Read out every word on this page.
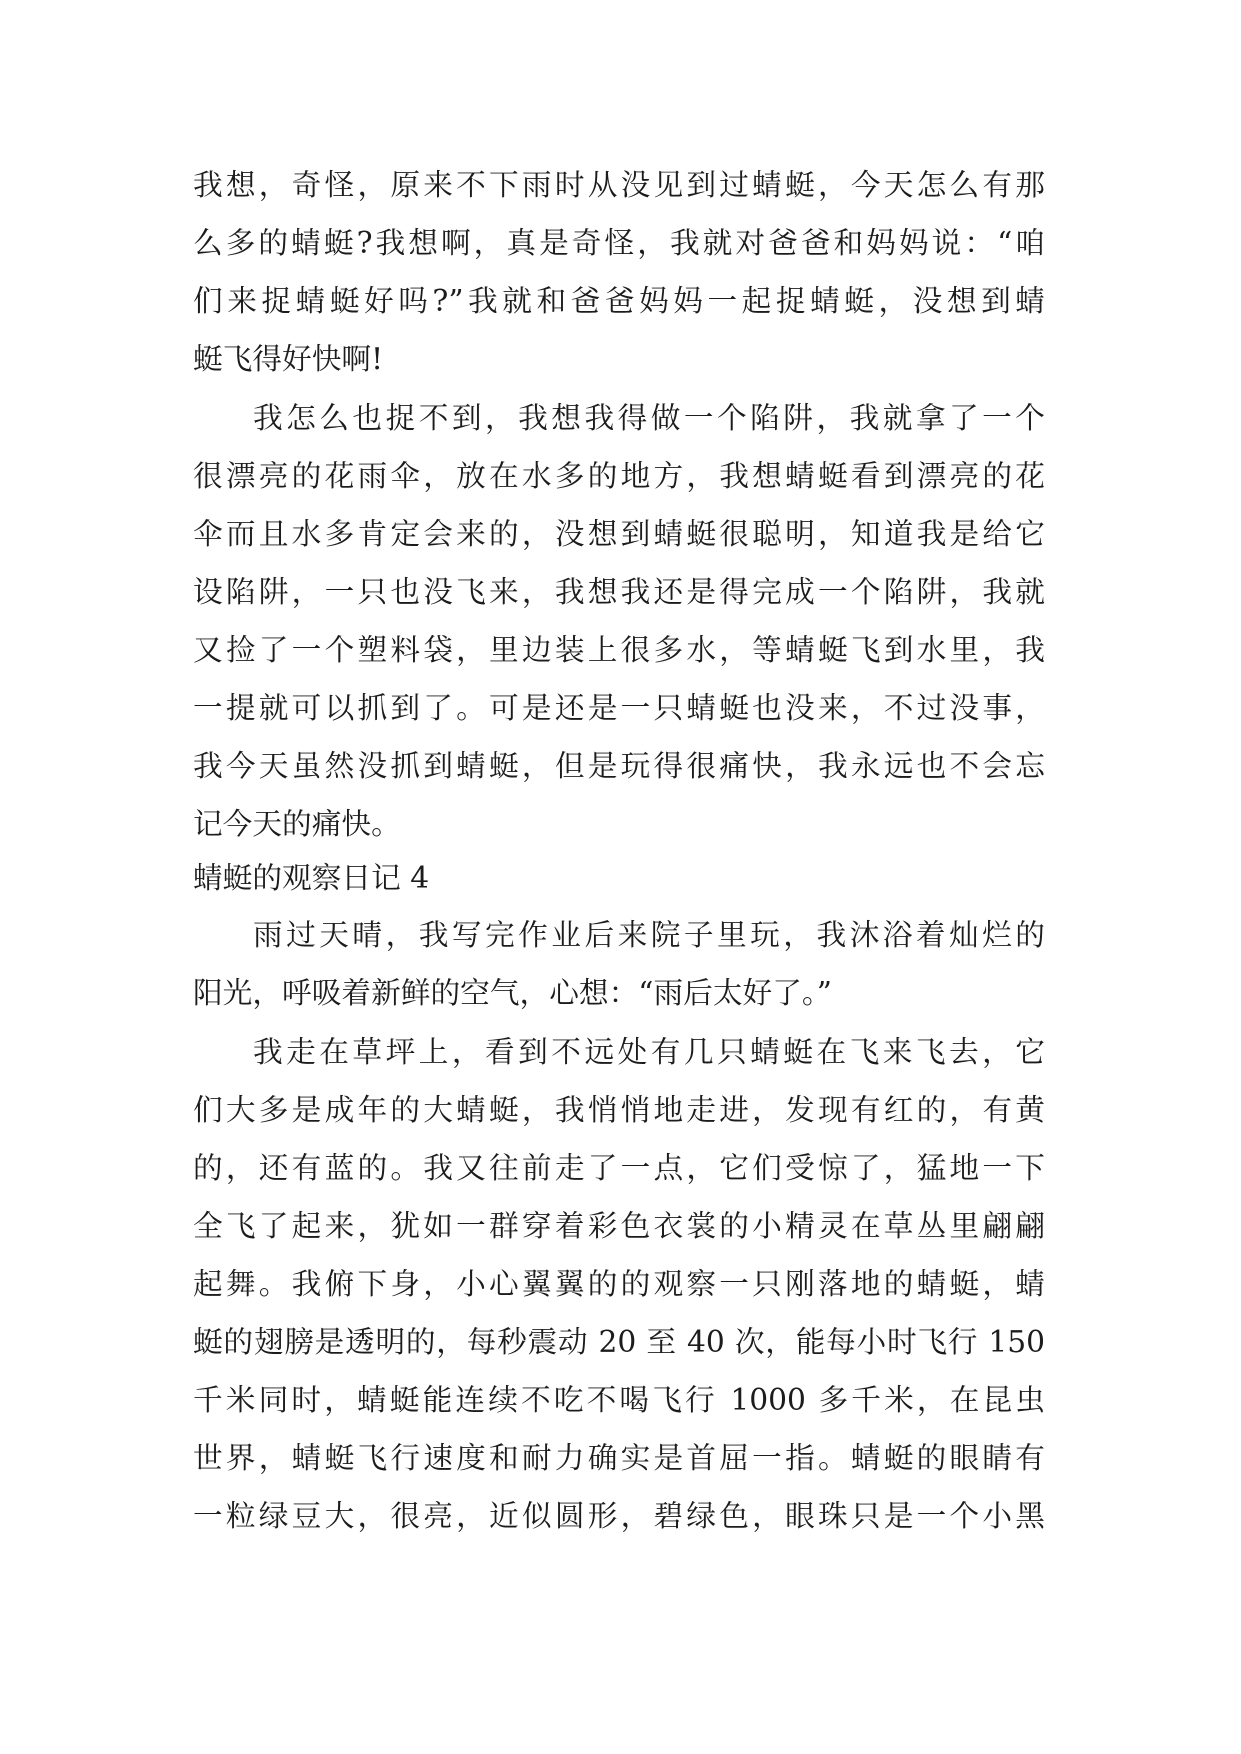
我想，奇怪，原来不下雨时从没见到过蜻蜓，今天怎么有那
么多的蜻蜓?我想啊，真是奇怪，我就对爸爸和妈妈说：“咱
们来捉蜻蜓好吗?”我就和爸爸妈妈一起捉蜻蜓，没想到蜻
蜓飞得好快啊!
我怎么也捉不到，我想我得做一个陷阱，我就拿了一个
很漂亮的花雨伞，放在水多的地方，我想蜻蜓看到漂亮的花
伞而且水多肯定会来的，没想到蜻蜓很聪明，知道我是给它
设陷阱，一只也没飞来，我想我还是得完成一个陷阱，我就
又捡了一个塑料袋，里边装上很多水，等蜻蜓飞到水里，我
一提就可以抓到了。可是还是一只蜻蜓也没来，不过没事，
我今天虽然没抓到蜻蜓，但是玩得很痛快，我永远也不会忘
记今天的痛快。
蜻蜓的观察日记 4
雨过天晴，我写完作业后来院子里玩，我沐浴着灿烂的
阳光，呼吸着新鲜的空气，心想：“雨后太好了。”
我走在草坪上，看到不远处有几只蜻蜓在飞来飞去，它
们大多是成年的大蜻蜓，我悄悄地走进，发现有红的，有黄
的，还有蓝的。我又往前走了一点，它们受惊了，猛地一下
全飞了起来，犹如一群穿着彩色衣裳的小精灵在草丛里翩翩
起舞。我俯下身，小心翼翼的的观察一只刚落地的蜻蜓，蜻
蜓的翅膀是透明的，每秒震动 20 至 40 次，能每小时飞行 150
千米同时，蜻蜓能连续不吃不喝飞行 1000 多千米，在昆虫
世界，蜻蜓飞行速度和耐力确实是首屈一指。蜻蜓的眼睛有
一粒绿豆大，很亮，近似圆形，碧绿色，眼珠只是一个小黑
